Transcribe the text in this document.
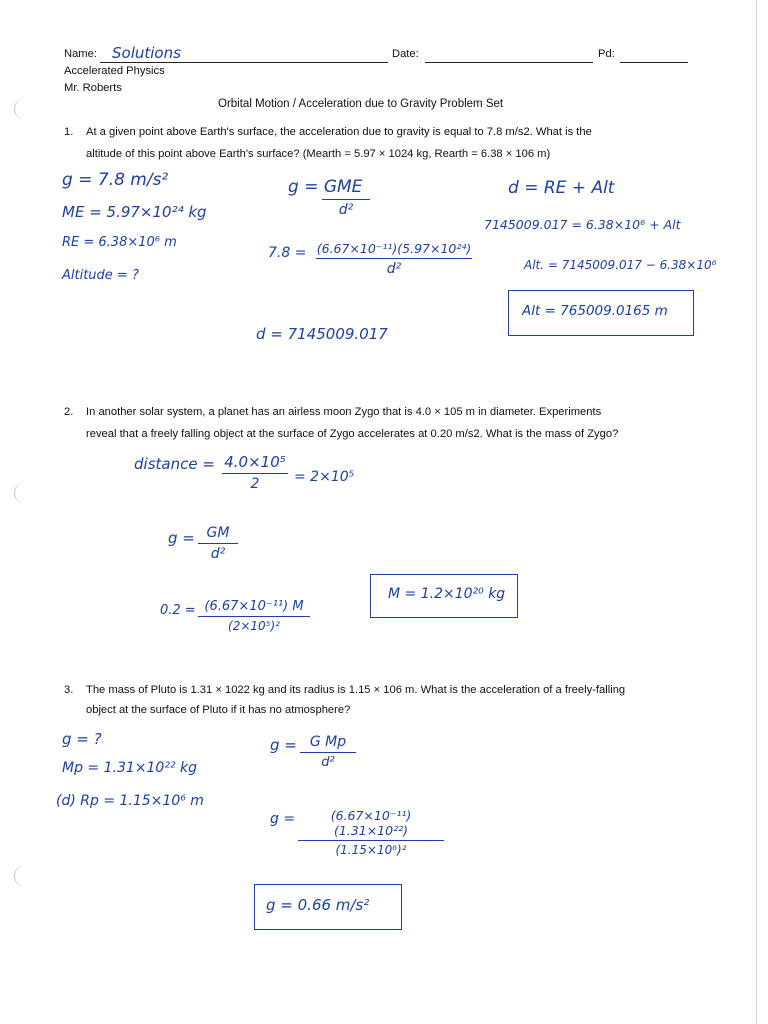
Name: Solutions	Date:	Pd:
Accelerated Physics
Mr. Roberts
Orbital Motion / Acceleration due to Gravity Problem Set
1. At a given point above Earth's surface, the acceleration due to gravity is equal to 7.8 m/s2. What is the
altitude of this point above Earth's surface? (Mearth = 5.97 × 1024 kg, Rearth = 6.38 × 106 m)
g = 7.8 m/s²
ME = 5.97×10²⁴ kg
RE = 6.38×10⁶ m
Altitude = ?
g = GME
d²
7.8 = (6.67×10⁻¹¹)(5.97×10²⁴)
d²
d = 7145009.017
d = RE + Alt
7145009.017 = 6.38×10⁶ + Alt
Alt. = 7145009.017 − 6.38×10⁶
Alt = 765009.0165 m
2. In another solar system, a planet has an airless moon Zygo that is 4.0 × 105 m in diameter. Experiments
reveal that a freely falling object at the surface of Zygo accelerates at 0.20 m/s2. What is the mass of Zygo?
distance = 4.0×10⁵
2	= 2×10⁵
g = GM
d²
0.2 = (6.67×10⁻¹¹) M
(2×10⁵)²
M = 1.2×10²⁰ kg
3. The mass of Pluto is 1.31 × 1022 kg and its radius is 1.15 × 106 m. What is the acceleration of a freely-falling
object at the surface of Pluto if it has no atmosphere?
g = ?
Mp = 1.31×10²² kg
(d) Rp = 1.15×10⁶ m
g = G Mp
d²
g =	(6.67×10⁻¹¹)(1.31×10²²)
(1.15×10⁶)²
g = 0.66 m/s²
